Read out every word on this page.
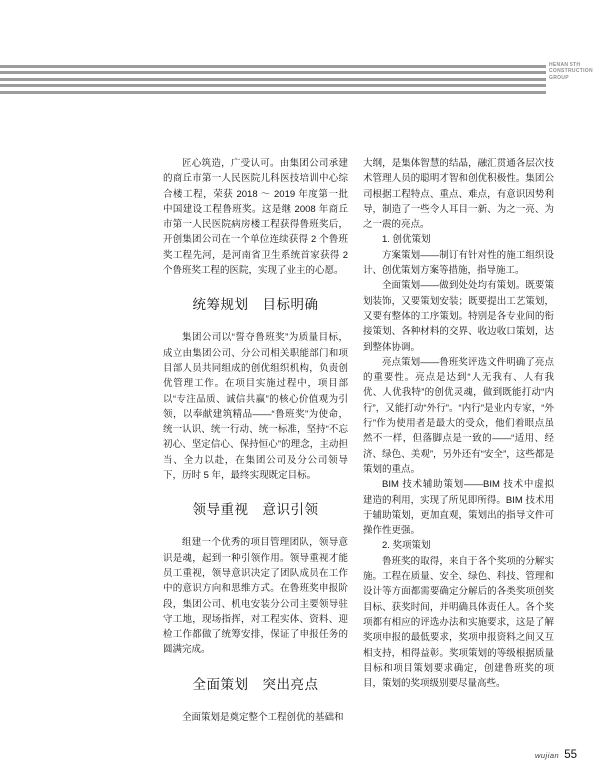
HENAN 5TH
CONSTRUCTION
GROUP

匠心筑造，广受认可。由集团公司承建的商丘市第一人民医院儿科医技培训中心综合楼工程，荣获 2018 ～ 2019 年度第一批中国建设工程鲁班奖。这是继 2008 年商丘市第一人民医院病房楼工程获得鲁班奖后，开创集团公司在一个单位连续获得 2 个鲁班奖工程先河，是河南省卫生系统首家获得 2 个鲁班奖工程的医院，实现了业主的心愿。

统筹规划　目标明确

集团公司以“誓夺鲁班奖”为质量目标，成立由集团公司、分公司相关职能部门和项目部人员共同组成的创优组织机构，负责创优管理工作。在项目实施过程中，项目部以“专注品质、诚信共赢”的核心价值观为引领，以奉献建筑精品——“鲁班奖”为使命，统一认识、统一行动、统一标准，坚持“不忘初心、坚定信心、保持恒心”的理念，主动担当、全力以赴，在集团公司及分公司领导下，历时 5 年，最终实现既定目标。

领导重视　意识引领

组建一个优秀的项目管理团队，领导意识是魂，起到一种引领作用。领导重视才能员工重视，领导意识决定了团队成员在工作中的意识方向和思维方式。在鲁班奖申报阶段，集团公司、机电安装分公司主要领导驻守工地，现场指挥，对工程实体、资料、迎检工作都做了统筹安排，保证了申报任务的圆满完成。

全面策划　突出亮点

全面策划是奠定整个工程创优的基础和

大纲，是集体智慧的结晶，融汇贯通各层次技术管理人员的聪明才智和创优积极性。集团公司根据工程特点、重点、难点，有意识因势利导，制造了一些令人耳目一新、为之一亮、为之一震的亮点。

1. 创优策划

方案策划——制订有针对性的施工组织设计、创优策划方案等措施，指导施工。

全面策划——做到处处均有策划。既要策划装饰，又要策划安装；既要提出工艺策划，又要有整体的工序策划。特别是各专业间的衔接策划、各种材料的交界、收边收口策划，达到整体协调。

亮点策划——鲁班奖评选文件明确了亮点的重要性。亮点是达到“人无我有、人有我优、人优我特”的创优灵魂，做到既能打动“内行”，又能打动“外行”。“内行”是业内专家，“外行”作为使用者是最大的受众，他们着眼点虽然不一样，但落脚点是一致的——“适用、经济、绿色、美观”，另外还有“安全”，这些都是策划的重点。

BIM 技术辅助策划——BIM 技术中虚拟建造的利用，实现了所见即所得。BIM 技术用于辅助策划，更加直观，策划出的指导文件可操作性更强。

2. 奖项策划

鲁班奖的取得，来自于各个奖项的分解实施。工程在质量、安全、绿色、科技、管理和设计等方面都需要确定分解后的各类奖项创奖目标、获奖时间，并明确具体责任人。各个奖项都有相应的评选办法和实施要求，这是了解奖项申报的最低要求，奖项申报资料之间又互相支持，相得益彰。奖项策划的等级根据质量目标和项目策划要求确定，创建鲁班奖的项目，策划的奖项级别要尽量高些。

wujian 55
